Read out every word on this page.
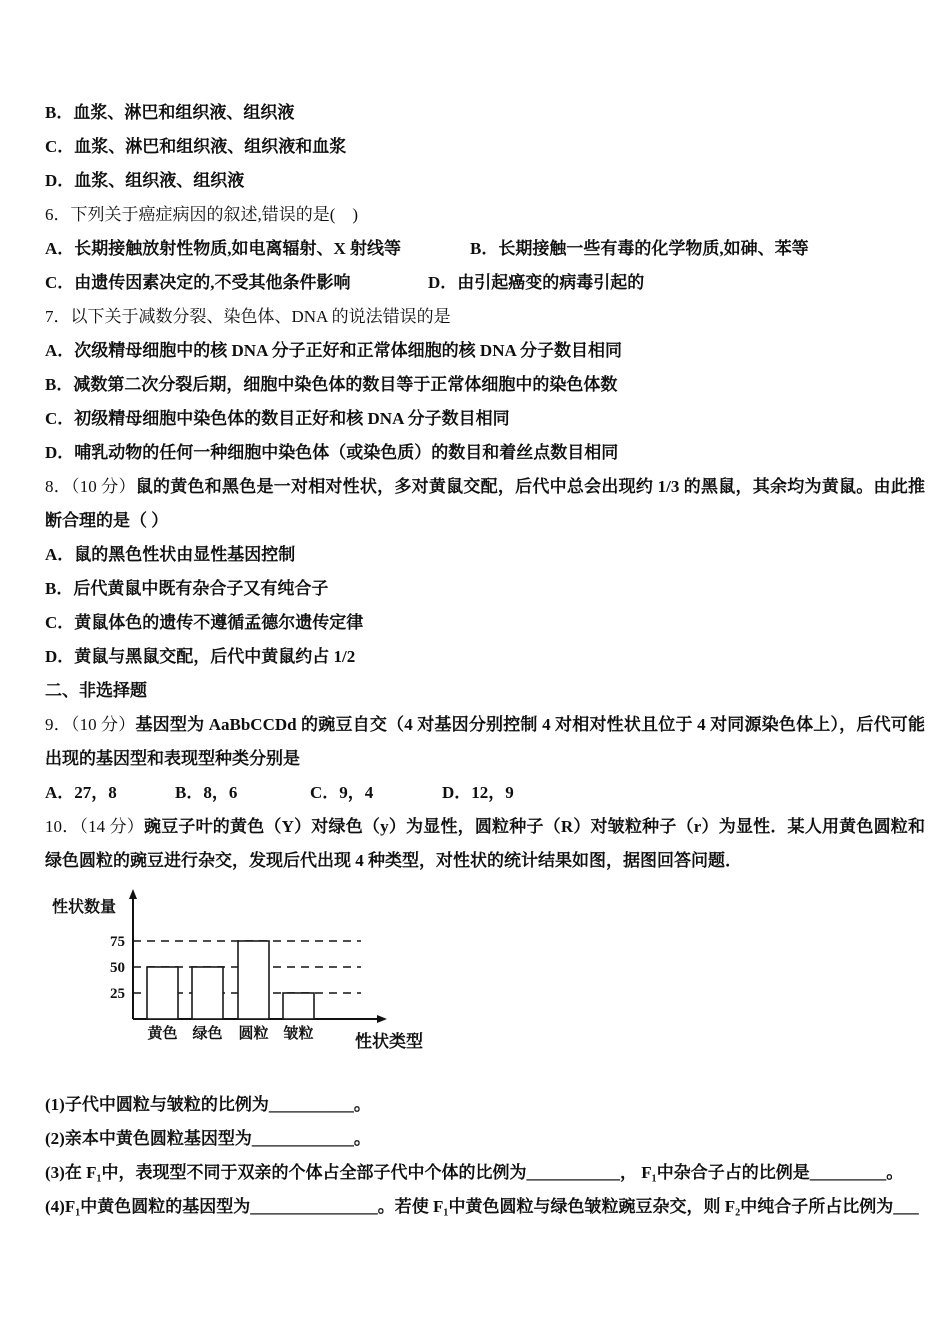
B．血浆、淋巴和组织液、组织液

C．血浆、淋巴和组织液、组织液和血浆

D．血浆、组织液、组织液

6．下列关于癌症病因的叙述,错误的是(　)

A．长期接触放射性物质,如电离辐射、X 射线等	B．长期接触一些有毒的化学物质,如砷、苯等

C．由遗传因素决定的,不受其他条件影响	D．由引起癌变的病毒引起的

7．以下关于减数分裂、染色体、DNA 的说法错误的是

A．次级精母细胞中的核 DNA 分子正好和正常体细胞的核 DNA 分子数目相同

B．减数第二次分裂后期，细胞中染色体的数目等于正常体细胞中的染色体数

C．初级精母细胞中染色体的数目正好和核 DNA 分子数目相同

D．哺乳动物的任何一种细胞中染色体（或染色质）的数目和着丝点数目相同

8．（10 分）鼠的黄色和黑色是一对相对性状，多对黄鼠交配，后代中总会出现约 1/3 的黑鼠，其余均为黄鼠。由此推断合理的是（ ）

A．鼠的黑色性状由显性基因控制

B．后代黄鼠中既有杂合子又有纯合子

C．黄鼠体色的遗传不遵循孟德尔遗传定律

D．黄鼠与黑鼠交配，后代中黄鼠约占 1/2

二、非选择题

9．（10 分）基因型为 AaBbCCDd 的豌豆自交（4 对基因分别控制 4 对相对性状且位于 4 对同源染色体上），后代可能出现的基因型和表现型种类分别是

A．27，8	B．8，6	C．9，4	D．12，9

10．（14 分）豌豆子叶的黄色（Y）对绿色（y）为显性，圆粒种子（R）对皱粒种子（r）为显性．某人用黄色圆粒和绿色圆粒的豌豆进行杂交，发现后代出现 4 种类型，对性状的统计结果如图，据图回答问题．

25
50
75
黄色 绿色 圆粒 皱粒
性状数量
性状类型

(1)子代中圆粒与皱粒的比例为__________。

(2)亲本中黄色圆粒基因型为____________。

(3)在 F₁中，表现型不同于双亲的个体占全部子代中个体的比例为___________， F₁中杂合子占的比例是_________。

(4)F₁中黄色圆粒的基因型为_______________。若使 F₁中黄色圆粒与绿色皱粒豌豆杂交，则 F₂中纯合子所占比例为___
